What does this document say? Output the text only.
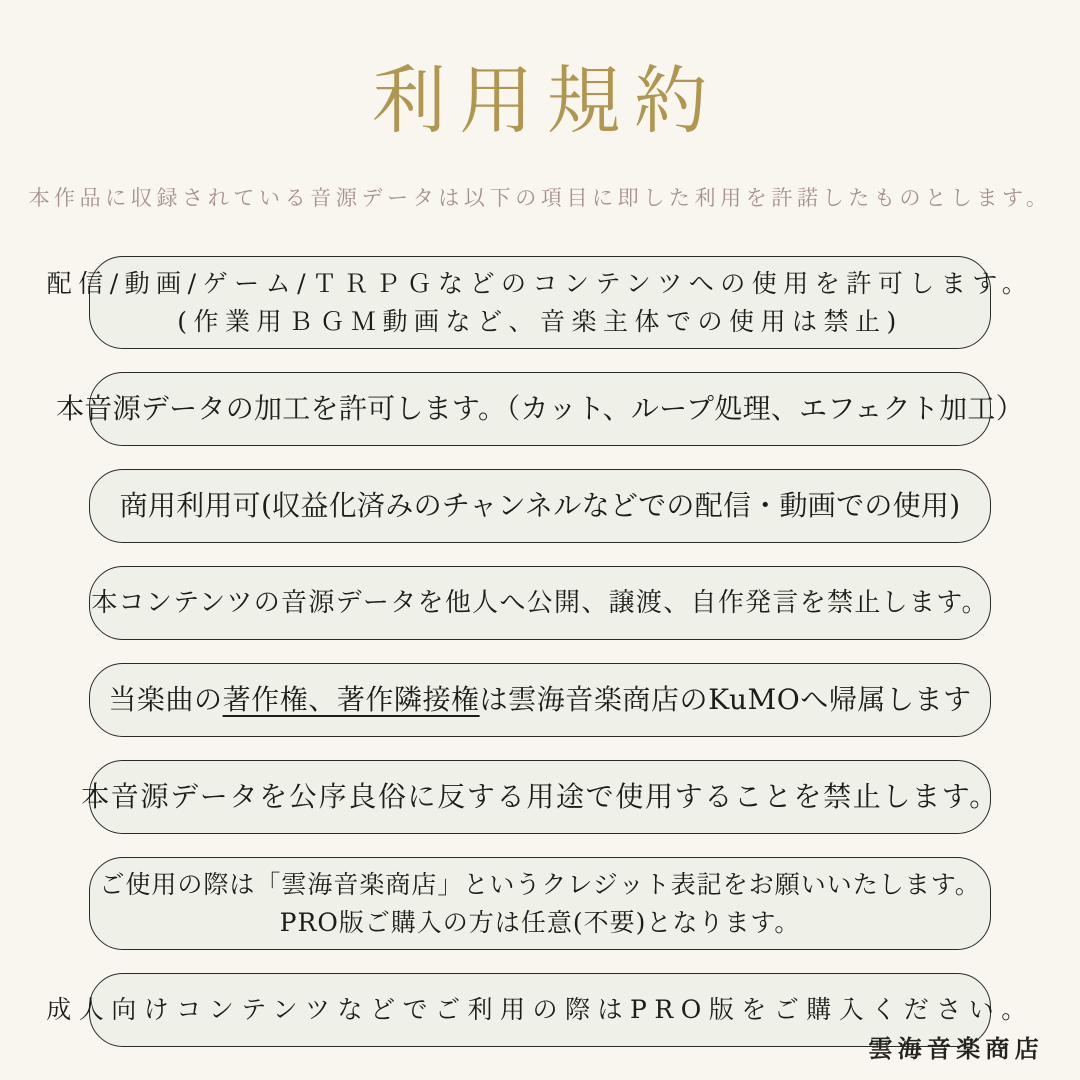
利用規約

本作品に収録されている音源データは以下の項目に即した利用を許諾したものとします。

配信/動画/ゲーム/ＴＲＰＧなどのコンテンツへの使用を許可します。

(作業用ＢＧＭ動画など、音楽主体での使用は禁止)

本音源データの加工を許可します。（カット、ループ処理、エフェクト加工）

商用利用可(収益化済みのチャンネルなどでの配信・動画での使用)

本コンテンツの音源データを他人へ公開、譲渡、自作発言を禁止します。

当楽曲の著作権、著作隣接権は雲海音楽商店のKuMOへ帰属します

本音源データを公序良俗に反する用途で使用することを禁止します。

ご使用の際は「雲海音楽商店」というクレジット表記をお願いいたします。

PRO版ご購入の方は任意(不要)となります。

成人向けコンテンツなどでご利用の際はPRO版をご購入ください。

雲海音楽商店
